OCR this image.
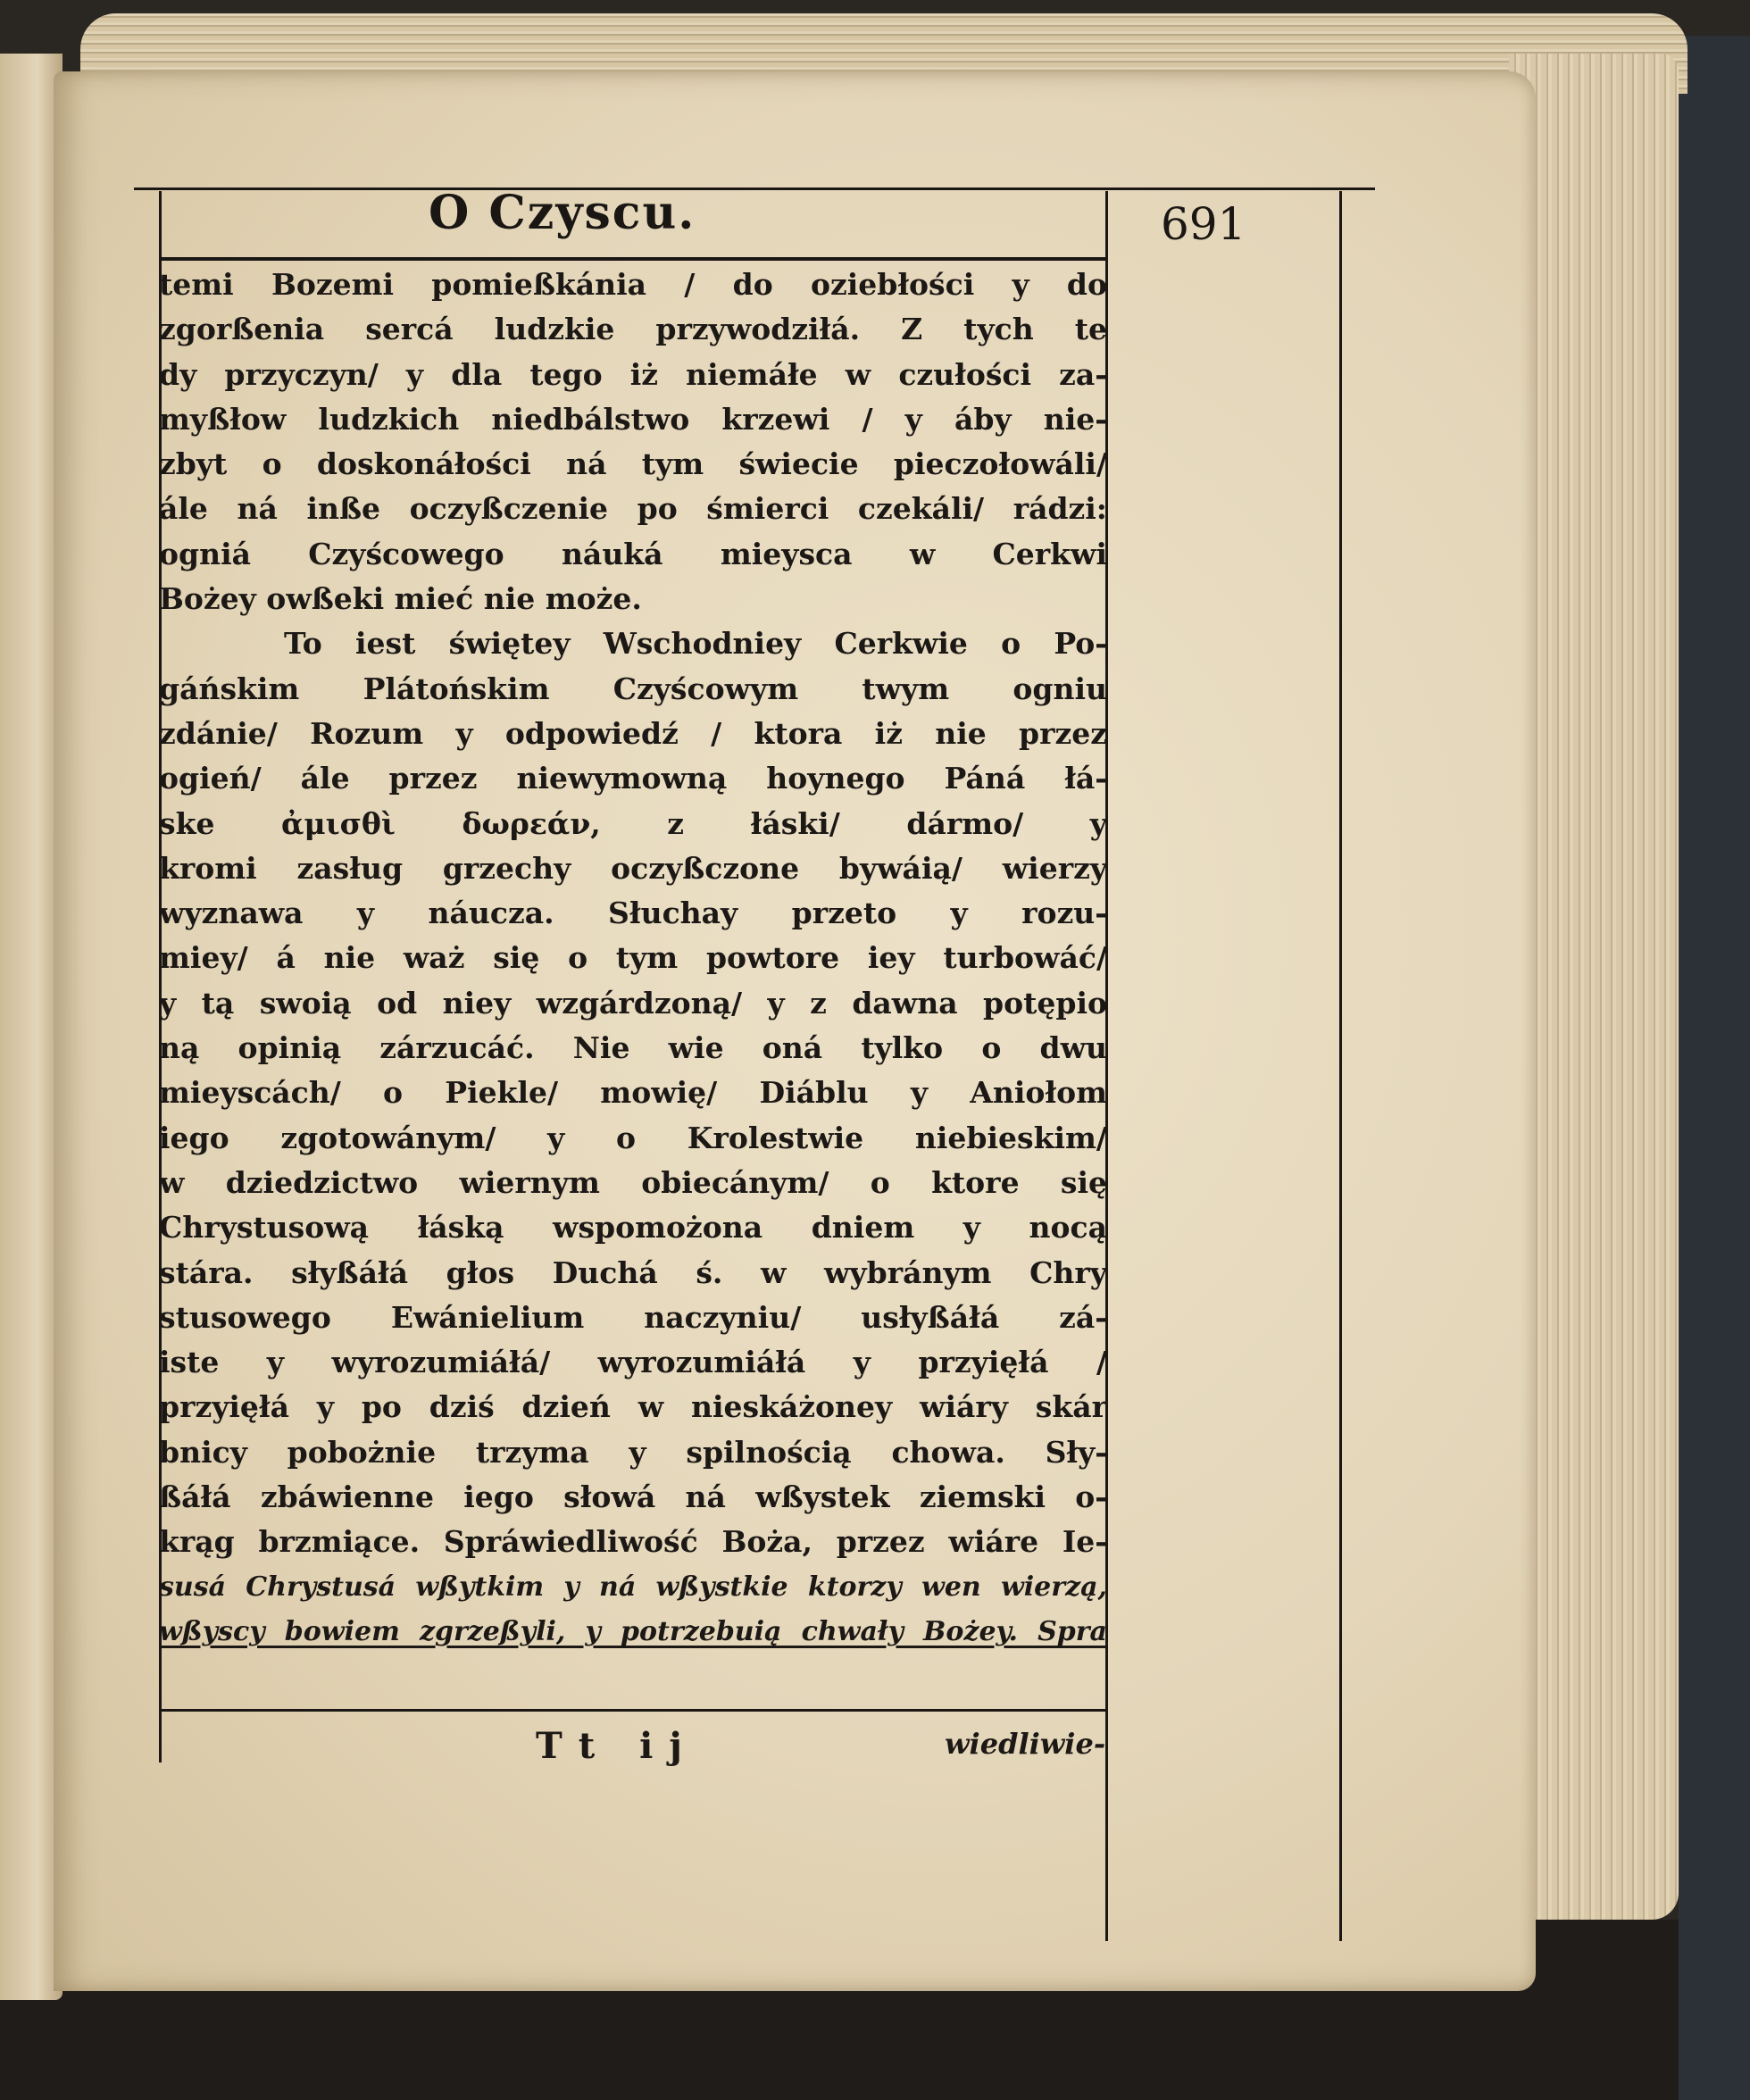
O Czyscu.	691
temi Bozemi pomießkánia / do oziebłości y do
zgorßenia sercá ludzkie przywodziłá. Z tych te
dy przyczyn/ y dla tego iż niemáłe w czułości za-
myßłow ludzkich niedbálstwo krzewi / y áby nie-
zbyt o doskonáłości ná tym świecie pieczołowáli/
ále ná inße oczyßczenie po śmierci czekáli/ rádzi:
ogniá Czyścowego náuká mieysca w Cerkwi
Bożey owßeki mieć nie może.
To iest świętey Wschodniey Cerkwie o Po-
gáńskim Plátońskim Czyścowym twym ogniu
zdánie/ Rozum y odpowiedź / ktora iż nie przez
ogień/ ále przez niewymowną hoynego Páná łá-
ske ἀμισθὶ δωρεάν, z łáski/ dármo/ y
kromi zasług grzechy oczyßczone bywáią/ wierzy
wyznawa y náucza. Słuchay przeto y rozu-
miey/ á nie waż się o tym powtore iey turbowáć/
y tą swoią od niey wzgárdzoną/ y z dawna potępio
ną opinią zárzucáć. Nie wie oná tylko o dwu
mieyscách/ o Piekle/ mowię/ Diáblu y Aniołom
iego zgotowánym/ y o Krolestwie niebieskim/
w dziedzictwo wiernym obiecánym/ o ktore się
Chrystusową łáską wspomożona dniem y nocą
stára. słyßáłá głos Duchá ś. w wybránym Chry
stusowego Ewánielium naczyniu/ usłyßáłá zá-
iste y wyrozumiáłá/ wyrozumiáłá y przyięłá /
przyięłá y po dziś dzień w nieskáżoney wiáry skár
bnicy pobożnie trzyma y spilnością chowa. Sły-
ßáłá zbáwienne iego słowá ná wßystek ziemski o-
krąg brzmiące. Spráwiedliwość Boża, przez wiáre Ie-
susá Chrystusá wßytkim y ná wßystkie ktorzy wen wierzą,
wßyscy bowiem zgrzeßyli, y potrzebuią chwały Bożey. Spra
Tt ij	wiedliwie-
